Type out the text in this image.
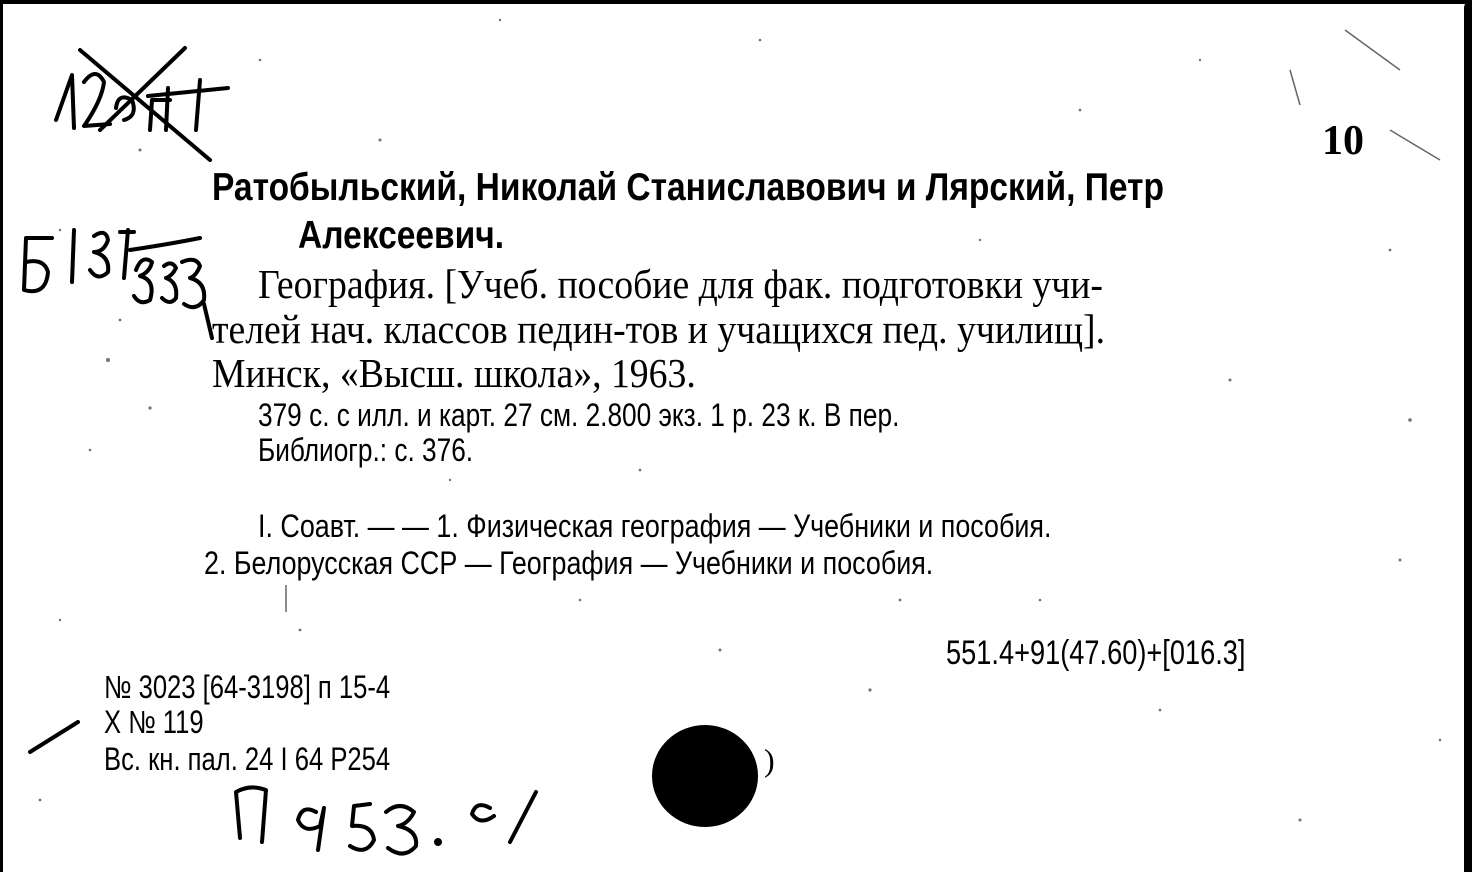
10
Ратобыльский, Николай Станиславович и Лярский, Петр
Алексеевич.
География. [Учеб. пособие для фак. подготовки учи-
телей нач. классов педин-тов и учащихся пед. училищ].
Минск, «Высш. школа», 1963.
379 с. с илл. и карт. 27 см. 2.800 экз. 1 р. 23 к. В пер.
Библиогр.: с. 376.
I. Соавт. — — 1. Физическая география — Учебники и пособия.
2. Белорусская ССР — География — Учебники и пособия.
551.4+91(47.60)+[016.3]
№ 3023 [64-3198] п 15-4
X № 119
Вс. кн. пал. 24 I 64 Р254	)
